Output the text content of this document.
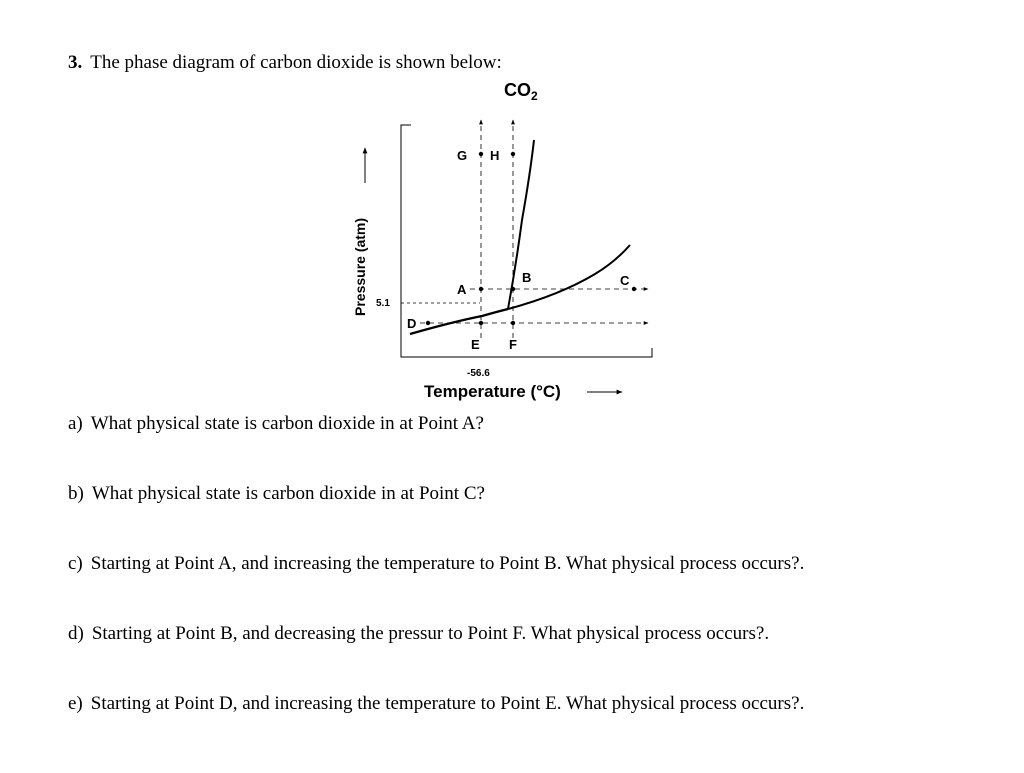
3. The phase diagram of carbon dioxide is shown below:
$CO_2$
Pressure (atm) 5.1
G H
A
B	C
D
E F
-56.6
Temperature (°C)
a) What physical state is carbon dioxide in at Point A?
b) What physical state is carbon dioxide in at Point C?
c) Starting at Point A, and increasing the temperature to Point B. What physical process occurs?.
d) Starting at Point B, and decreasing the pressur to Point F. What physical process occurs?.
e) Starting at Point D, and increasing the temperature to Point E. What physical process occurs?.
